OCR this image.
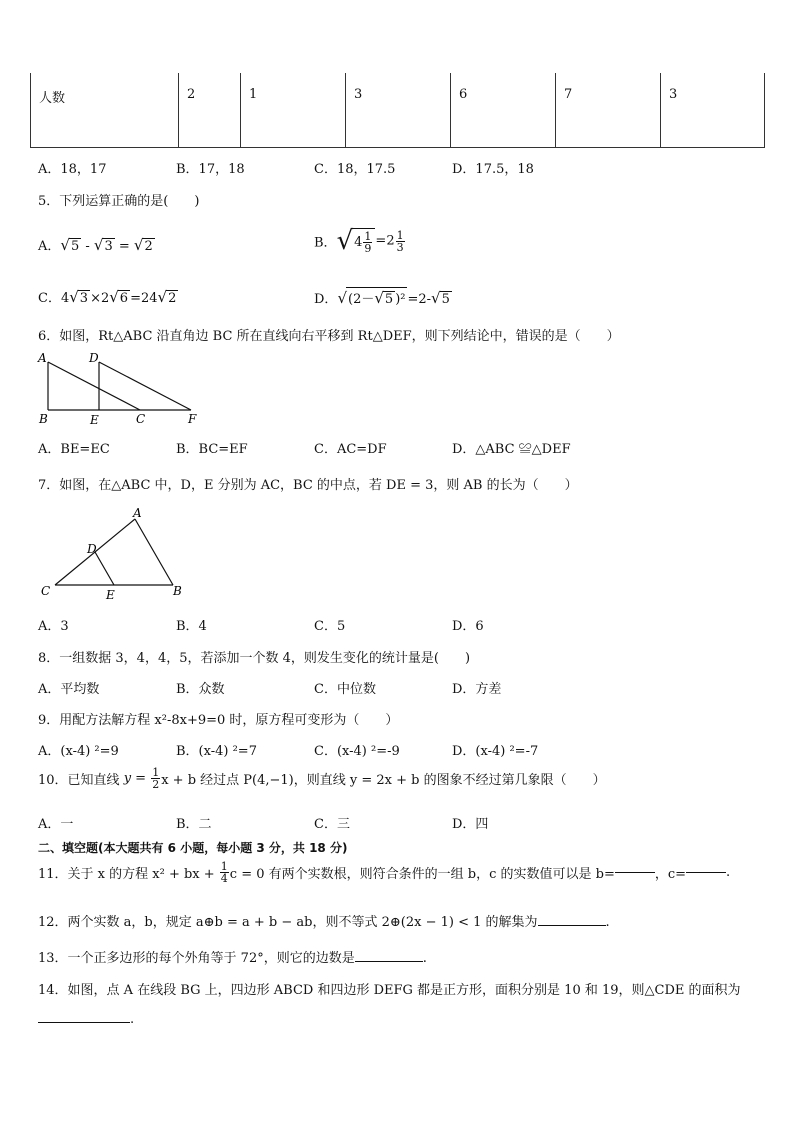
人数	2	1	3	6	7	3
A．18，17	B．17，18	C．18，17.5	D．17.5，18
5．下列运算正确的是(　　)
A．√5 - √3 = √2	B．$√4 \frac{1}{9} =2 \frac{1}{3}$
C．4√3 ×2√6 =24√2	D．√(2－√5 )² =2-√5
6．如图，Rt△ABC 沿直角边 BC 所在直线向右平移到 Rt△DEF，则下列结论中，错误的是（　　）
A	D
B	E	C	F
A．BE=EC	B．BC=EF	C．AC=DF	D．△ABC ≌△DEF
7．如图，在△ABC 中，D，E 分别为 AC，BC 的中点，若 DE = 3，则 AB 的长为（　　）
A
D
C	E	B
A．3	B．4	C．5	D．6
8．一组数据 3，4，4，5，若添加一个数 4，则发生变化的统计量是(　　)
A．平均数	B．众数	C．中位数	D．方差
9．用配方法解方程 x²-8x+9=0 时，原方程可变形为（　　）
A．(x-4) ²=9	B．(x-4) ²=7	C．(x-4) ²=-9	D．(x-4) ²=-7
10．已知直线 $y = \frac{1}{2}$ x + b 经过点 P(4,−1)，则直线 y = 2x + b 的图象不经过第几象限（　　）
A．一	B．二	C．三	D．四
二、填空题(本大题共有 6 小题，每小题 3 分，共 18 分)
11．关于 x 的方程 x² + bx + $\frac{1}{4}$ c = 0 有两个实数根，则符合条件的一组 b，c 的实数值可以是 b=	，c=	.
12．两个实数 a，b，规定 a⊕b = a + b − ab，则不等式 2⊕(2x − 1) < 1 的解集为	.
13．一个正多边形的每个外角等于 72°，则它的边数是	.
14．如图，点 A 在线段 BG 上，四边形 ABCD 和四边形 DEFG 都是正方形，面积分别是 10 和 19，则△CDE 的面积为
.
